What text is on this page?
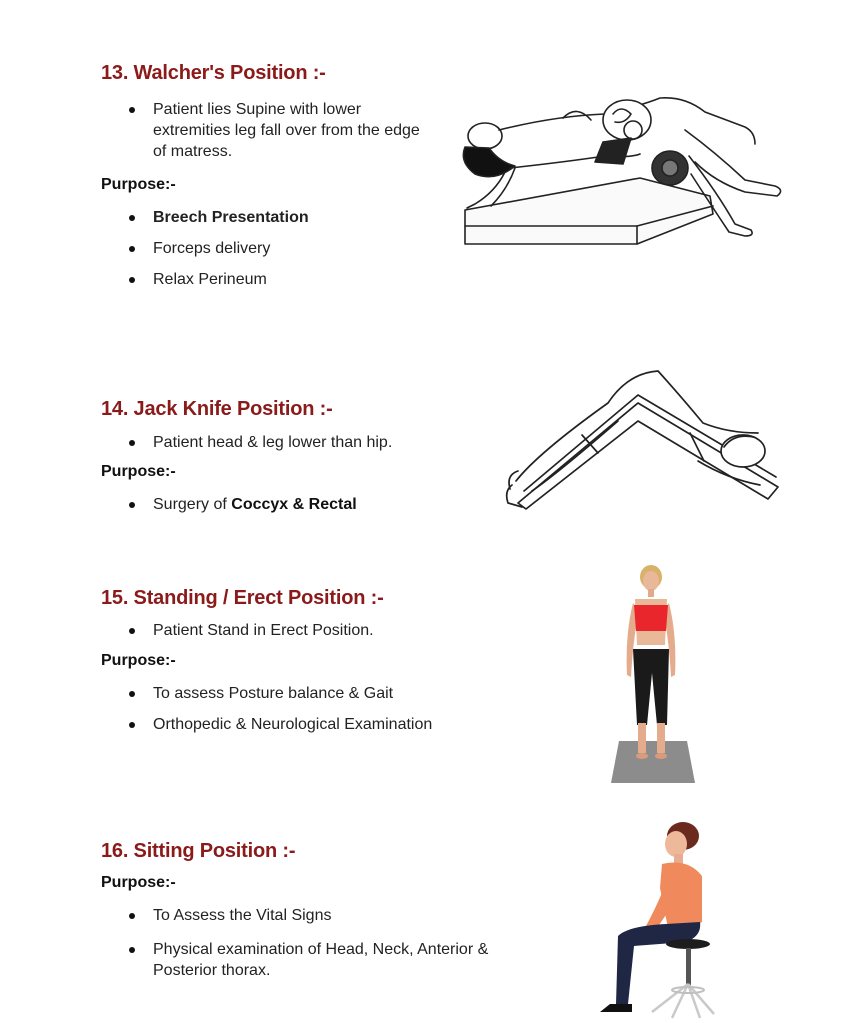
13. Walcher's Position :-
Patient lies Supine with lower extremities leg fall over from the edge of matress.

Purpose:-

Breech Presentation
Forceps delivery
Relax Perineum
14. Jack Knife Position :-
Patient head & leg lower than hip.

Purpose:-

Surgery of Coccyx & Rectal
15. Standing / Erect Position :-
Patient Stand in Erect Position.

Purpose:-

To assess Posture balance & Gait
Orthopedic & Neurological Examination
16. Sitting Position :-

Purpose:-

To Assess the Vital Signs
Physical examination of Head, Neck, Anterior & Posterior thorax.
